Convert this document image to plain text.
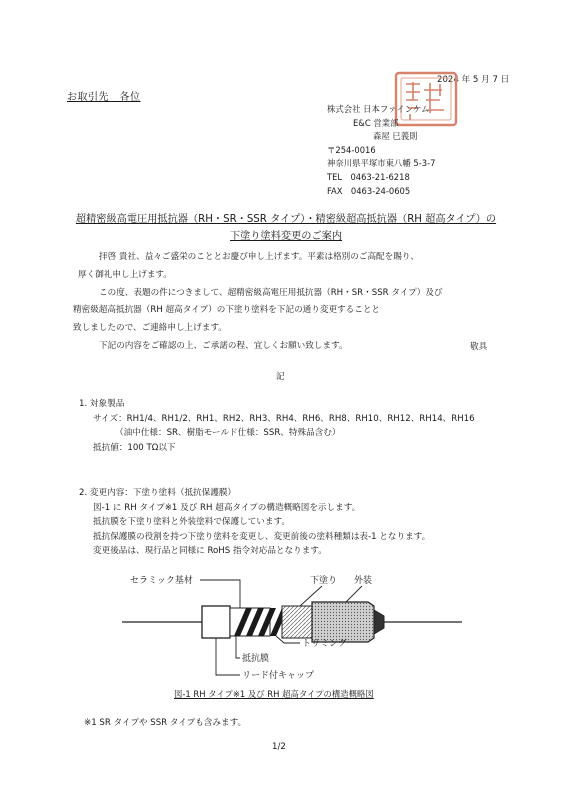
2024 年 5 月 7 日
お取引先　各位
株式会社 日本ファインケム
E&C 営業部
森屋 巳義則
〒254-0016
神奈川県平塚市東八幡 5-3-7
TEL　0463-21-6218
FAX　0463-24-0605
超精密級高電圧用抵抗器（RH・SR・SSR タイプ）・精密級超高抵抗器（RH 超高タイプ）の
下塗り塗料変更のご案内

拝啓 貴社、益々ご盛栄のこととお慶び申し上げます。平素は格別のご高配を賜り、

厚く御礼申し上げます。

この度、表題の件につきまして、超精密級高電圧用抵抗器（RH・SR・SSR タイプ）及び

精密級超高抵抗器（RH 超高タイプ）の下塗り塗料を下記の通り変更することと

致しましたので、ご連絡申し上げます。

下記の内容をご確認の上、ご承諾の程、宜しくお願い致します。	敬具
記
1. 対象製品
サイズ：RH1/4、RH1/2、RH1、RH2、RH3、RH4、RH6、RH8、RH10、RH12、RH14、RH16
（油中仕様：SR、樹脂モールド仕様：SSR、特殊品含む）
抵抗値：100 TΩ以下
2. 変更内容：下塗り塗料（抵抗保護膜）
図-1 に RH タイプ※1 及び RH 超高タイプの構造概略図を示します。
抵抗膜を下塗り塗料と外装塗料で保護しています。
抵抗保護膜の役割を持つ下塗り塗料を変更し、変更前後の塗料種類は表-1 となります。
変更後品は、現行品と同様に RoHS 指令対応品となります。
セラミック基材	下塗り 外装
トリミング
抵抗膜
リード付キャップ
図-1 RH タイプ※1 及び RH 超高タイプの構造概略図
※1 SR タイプや SSR タイプも含みます。
1/2
